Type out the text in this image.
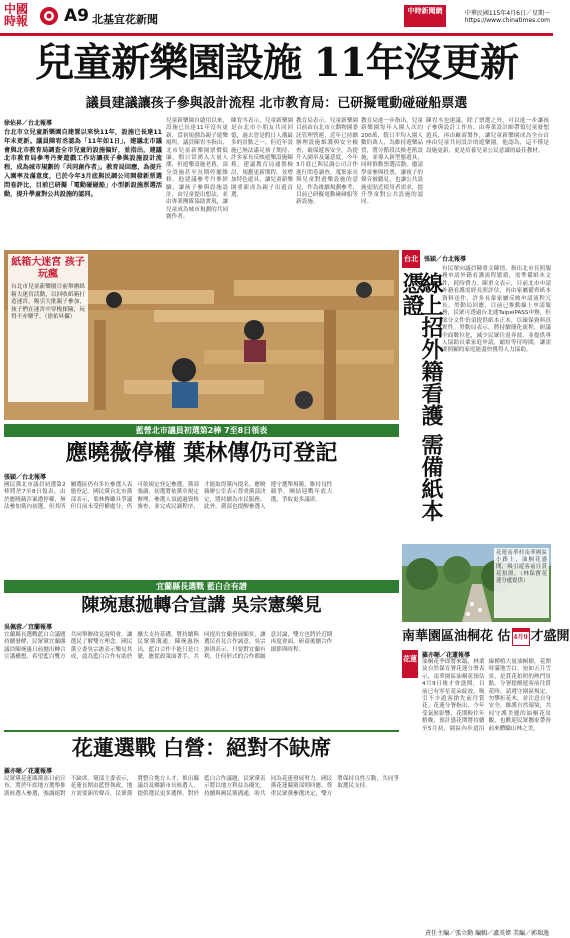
中國時報	A9 北基宜花新聞
中時新聞網	中華民國115年4月6日／星期一
https://www.chinatimes.com
兒童新樂園設施 11年沒更新
議員建議讓孩子參與設計流程 北市教育局：已研擬電動碰碰船票選
徐佑昇／台北報導
台北市立兒童新樂園自建置以來快11年，設施已長達11年未更新。議員陳宥丞認為「11年如1日」，建議北市議會與北市教育局調查全市兒童的設施偏好，並指出，建議北市教育局參考丹麥遊戲工作坊讓孩子參與設施設計流程，成為城市規劃的「共同創作者」。教育局回應，為提升入園率及滿意度，已於今年3月底與民調公司開發新票選問卷評比，目前已研擬「電動碰碰船」小型新設施票選活動，提升學童對公共設施的認同。
兒童新樂園自啟用以來，設施已長達11年沒有更新，當初規劃為親子遊樂場所。議員陳宥丞指出，北市兒童新樂園票價低廉，假日常湧入大量人潮，但遊樂設施老舊，部分設施甚至長期停擺維修。他建議參考丹麥經驗，讓孩子參與設施設計，由兒童提出想法，並由專業團隊協助實現，讓兒童成為城市規劃的共同創作者。
陳宥丞表示，兒童新樂園是台北市小朋友共同回憶，過去曾是假日人潮最多的景點之一，但近年設施已無法滿足孩子期待，許多家長反映遊樂設施陳舊，建議教育局通盤檢討，規劃更新期程，並增加特色遊具，讓兒童新樂園重新成為親子出遊首選。
教育局表示，兒童新樂園目前由台北市立動物園委託管理營運，近年已持續辦理設施維護與安全檢查，確保遊客安全。為提升入園率及滿意度，今年3月底已與民調公司合作進行問卷調查，蒐集家長與兒童對遊樂設施的意見，作為後續規劃參考，目前已研擬電動碰碰船等新設施。
教育局進一步指出，兒童新樂園每年入園人次約200萬，假日平均入園人數約萬人，為維持遊樂品質，將分階段汰換老舊設施，並導入新型態遊具，同時推動票選活動，邀請學童參與投票，讓孩子的聲音被聽見，也讓公共設施更貼近使用者需求，提升學童對公共設施的認同。
陳宥丞也建議，除了票選之外，可以進一步讓孩子參與設計工作坊，由專業設計師帶領兒童發想遊具，再由廠商製作，讓兒童新樂園成為全台首座由兒童共同設計的遊樂園，他認為，這不僅是設施更新，更是培養兒童公民意識的最佳教材。
紙箱大迷宮 孩子玩瘋
台北市兒童新樂園日前舉辦紙箱大迷宮活動，以回收紙箱打造迷宮，吸引大批親子參加，孩子們在迷宮中穿梭探險，玩得不亦樂乎。（徐佑昇攝）
台北	張穎／台北報導
線上招外籍看護 需備紙本憑證
有民眾向議員陳重文陳情，指出北市長照服務申請外籍看護流程繁瑣，需準備紙本文件，耗時費力。陳重文表示，目前北市申請外籍看護需經長照評估，再由家屬備齊紙本資料送件，許多長輩家屬反映申請流程冗長。勞動局回應，目前已推動線上申請服務，民眾可透過台北通TaipeiPASS申辦，但部分文件仍須提供紙本正本，以確保資料真實性。勞動局表示，將持續簡化流程，研議全面數位化，減少民眾往返奔波，並提供專人協助長輩家庭申請，縮短等待時間，讓需要照顧的家庭能盡快獲得人力協助。
藍營北市議員初選第2棒 7至8日領表
應曉薇停權 葉林傳仍可登記
張穎／台北報導
國民黨北市議員初選第2棒將於7至8日領表，由於應曉薇涉案遭停權，無法參加黨內初選，但其所屬選區仍有多位參選人表態登記。國民黨台北市黨部表示，葉林傳雖具爭議但目前未受停權處分，仍可依規定登記參選。黨部強調，初選將依黨章規定辦理，參選人須通過資格審查，並完成民調程序，才能取得黨內提名。應曉薇辦公室表示尊重黨部決定，將持續為市民服務。此外，黨部也提醒參選人遵守選舉規範，維持良性競爭，團結迎戰年底大選，爭取更多議席。
宜蘭縣長選戰 藍白合有譜
陳琬惠拋轉合宣講 吳宗憲樂見
吳佩蓉／宜蘭報導
宜蘭縣長選戰藍白合議題持續發酵，民眾黨宜蘭縣議員陳琬惠日前拋出轉合宣講構想，希望藍白雙方共同舉辦政見說明會，讓選民了解雙方理念。國民黨立委吳宗憲表示樂見其成，認為藍白合作有助於擴大支持基礎，將持續與民眾黨溝通。陳琬惠指出，藍白合作不能只是口號，應從政策面著手，共同提出宜蘭發展願景，讓選民看見合作誠意。吳宗憲則表示，只要對宜蘭有利，任何形式的合作都願意討論，雙方也將於近期再度會面，研商後續合作細節與時程。
花蓮選戰 白營：絕對不缺席
羅亦晰／花蓮報導
民眾黨花蓮縣黨部日前宣布，將於年底地方選舉推派候選人參選，強調絕對不缺席。黨部主委表示，花蓮長期由藍營執政，地方需要新的聲音，民眾黨將整合地方人才，推出縣議員及鄉鎮市長候選人，提供選民更多選擇。對於藍白合作議題，民眾黨表示將以地方利益為優先，持續與國民黨溝通，盼共同為花蓮發展努力。國民黨花蓮縣黨部則回應，尊重民眾黨參選決定，雙方將保持良性互動，共同爭取選民支持。
花蓮南華村南華國區小路上，油桐花盛開，吸引遊客前往賞花拍照。（林保寶花蓮分處提供）
南華園區油桐花 估 4月9 才盛開
花蓮 羅亦晰／花蓮報導
油桐花季即將來臨，林業及自然保育署花蓮分署表示，南華園區油桐花預估4月9日後才會盛開，目前已有零星花朵綻放，吸引不少遊客搶先前往賞花。花蓮分署指出，今年受氣候影響，花期較往年稍晚，預計盛花期將持續至5月初，園區內步道沿線種植大量油桐樹，花開時滿地雪白，宛如五月雪景，是賞花拍照的熱門景點。分署提醒遊客前往賞花時，請遵守園區規定，勿攀折花木，並注意自身安全，維護自然環境，共同守護美麗的油桐花景觀，也歡迎民眾攜家帶眷前來體驗山林之美。
責任主編／張立勳 編輯／盧英偉 美編／郭瑞逸
